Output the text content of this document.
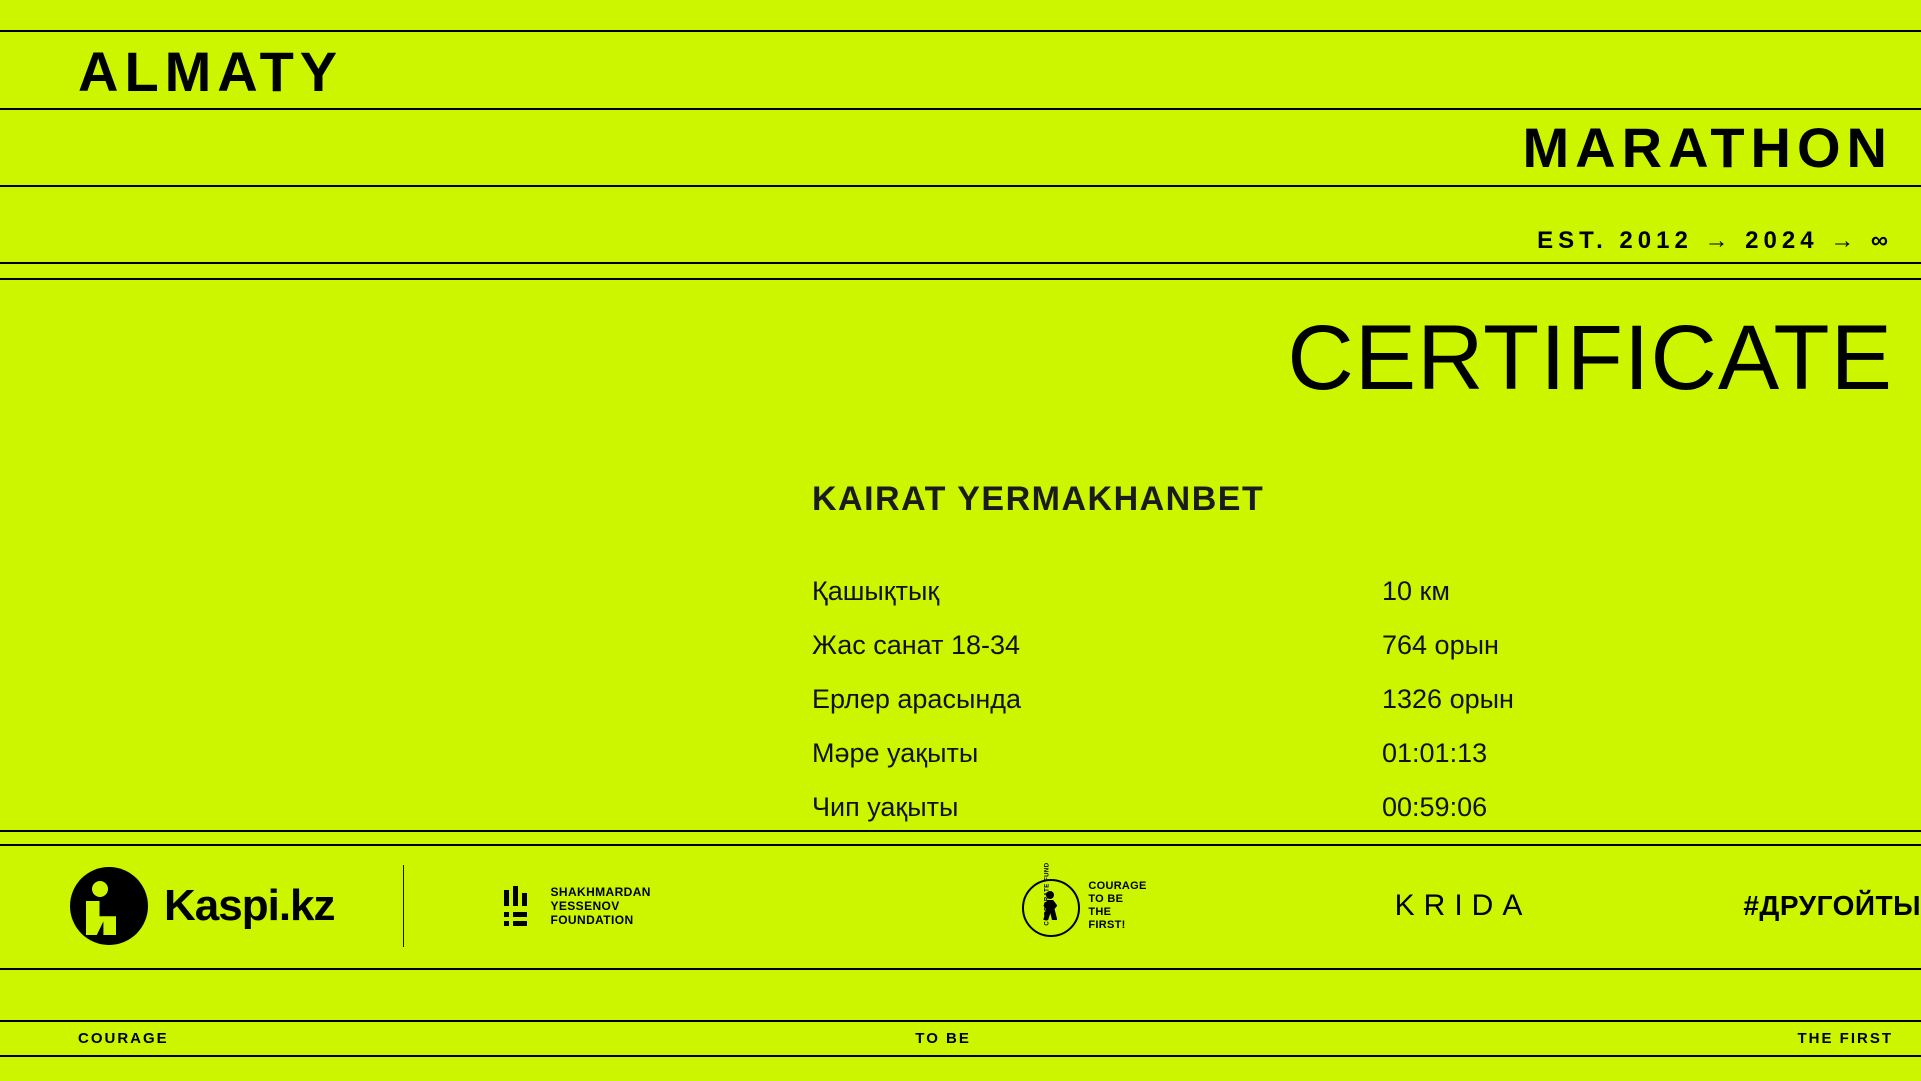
ALMATY
MARATHON
EST. 2012 → 2024 → ∞
CERTIFICATE
KAIRAT YERMAKHANBET
Қашықтық	10 км
Жас санат 18-34	764 орын
Ерлер арасында	1326 орын
Мәре уақыты	01:01:13
Чип уақыты	00:59:06
Kaspi.kz	SHAKHMARDAN YESSENOV
FOUNDATION
COURAGE
TO BE
THE FIRST!
KRIDA	#ДРУГОЙТЫ
COURAGE	TO BE	THE FIRST
